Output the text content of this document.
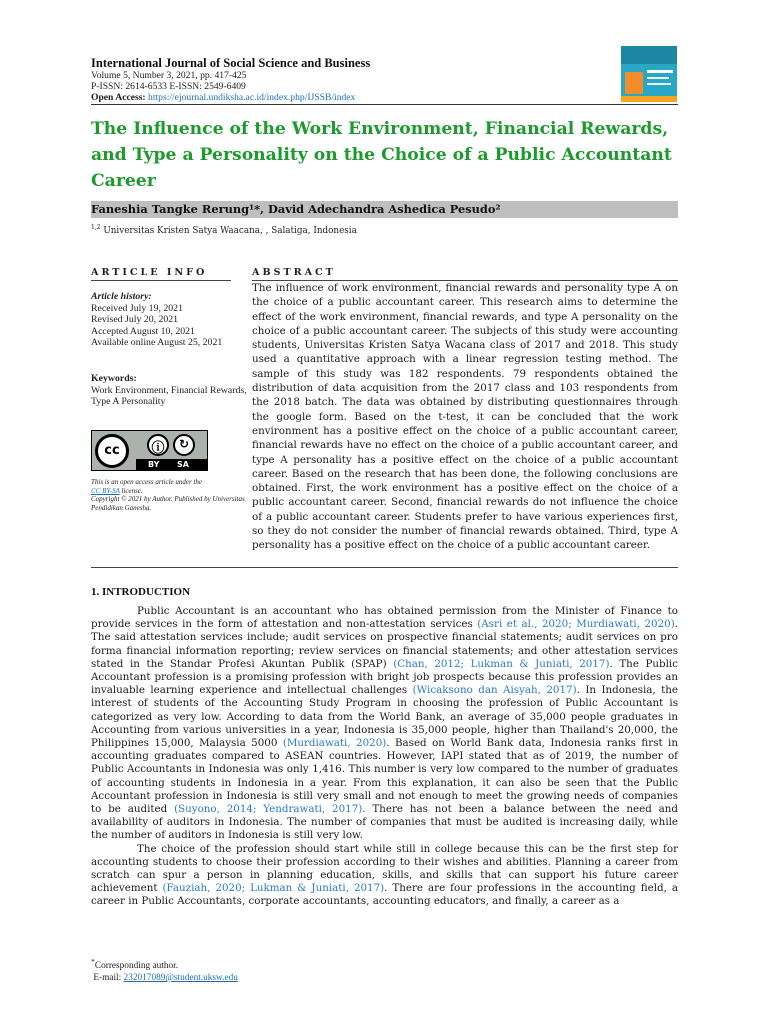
International Journal of Social Science and Business
Volume 5, Number 3, 2021, pp. 417-425
P-ISSN: 2614-6533 E-ISSN: 2549-6409
Open Access: https://ejournal.undiksha.ac.id/index.php/IJSSB/index
The Influence of the Work Environment, Financial Rewards, and Type a Personality on the Choice of a Public Accountant Career
Faneshia Tangke Rerung¹*, David Adechandra Ashedica Pesudo²
$^{1,2}$ Universitas Kristen Satya Waacana, , Salatiga, Indonesia
ARTICLE INFO	ABSTRACT
Article history:
Received July 19, 2021
Revised July 20, 2021
Accepted August 10, 2021
Available online August 25, 2021
Keywords:
Work Environment, Financial Rewards, Type A Personality
cc	ⓘ	↻
BY SA
This is an open access article under the
CC BY-SA license.
Copyright © 2021 by Author. Published by Universitas Pendidikan Ganesha.
The influence of work environment, financial rewards and personality type A on the choice of a public accountant career. This research aims to determine the effect of the work environment, financial rewards, and type A personality on the choice of a public accountant career. The subjects of this study were accounting students, Universitas Kristen Satya Wacana class of 2017 and 2018. This study used a quantitative approach with a linear regression testing method. The sample of this study was 182 respondents. 79 respondents obtained the distribution of data acquisition from the 2017 class and 103 respondents from the 2018 batch. The data was obtained by distributing questionnaires through the google form. Based on the t-test, it can be concluded that the work environment has a positive effect on the choice of a public accountant career, financial rewards have no effect on the choice of a public accountant career, and type A personality has a positive effect on the choice of a public accountant career. Based on the research that has been done, the following conclusions are obtained. First, the work environment has a positive effect on the choice of a public accountant career. Second, financial rewards do not influence the choice of a public accountant career. Students prefer to have various experiences first, so they do not consider the number of financial rewards obtained. Third, type A personality has a positive effect on the choice of a public accountant career.
1. INTRODUCTION

Public Accountant is an accountant who has obtained permission from the Minister of Finance to provide services in the form of attestation and non-attestation services (Asri et al., 2020; Murdiawati, 2020). The said attestation services include; audit services on prospective financial statements; audit services on pro forma financial information reporting; review services on financial statements; and other attestation services stated in the Standar Profesi Akuntan Publik (SPAP) (Chan, 2012; Lukman & Juniati, 2017). The Public Accountant profession is a promising profession with bright job prospects because this profession provides an invaluable learning experience and intellectual challenges (Wicaksono dan Aisyah, 2017). In Indonesia, the interest of students of the Accounting Study Program in choosing the profession of Public Accountant is categorized as very low. According to data from the World Bank, an average of 35,000 people graduates in Accounting from various universities in a year, Indonesia is 35,000 people, higher than Thailand's 20,000, the Philippines 15,000, Malaysia 5000 (Murdiawati, 2020). Based on World Bank data, Indonesia ranks first in accounting graduates compared to ASEAN countries. However, IAPI stated that as of 2019, the number of Public Accountants in Indonesia was only 1,416. This number is very low compared to the number of graduates of accounting students in Indonesia in a year. From this explanation, it can also be seen that the Public Accountant profession in Indonesia is still very small and not enough to meet the growing needs of companies to be audited (Suyono, 2014; Yendrawati, 2017). There has not been a balance between the need and availability of auditors in Indonesia. The number of companies that must be audited is increasing daily, while the number of auditors in Indonesia is still very low.

The choice of the profession should start while still in college because this can be the first step for accounting students to choose their profession according to their wishes and abilities. Planning a career from scratch can spur a person in planning education, skills, and skills that can support his future career achievement (Fauziah, 2020; Lukman & Juniati, 2017). There are four professions in the accounting field, a career in Public Accountants, corporate accountants, accounting educators, and finally, a career as a

*Corresponding author.
E-mail: 232017089@student.uksw.edu
